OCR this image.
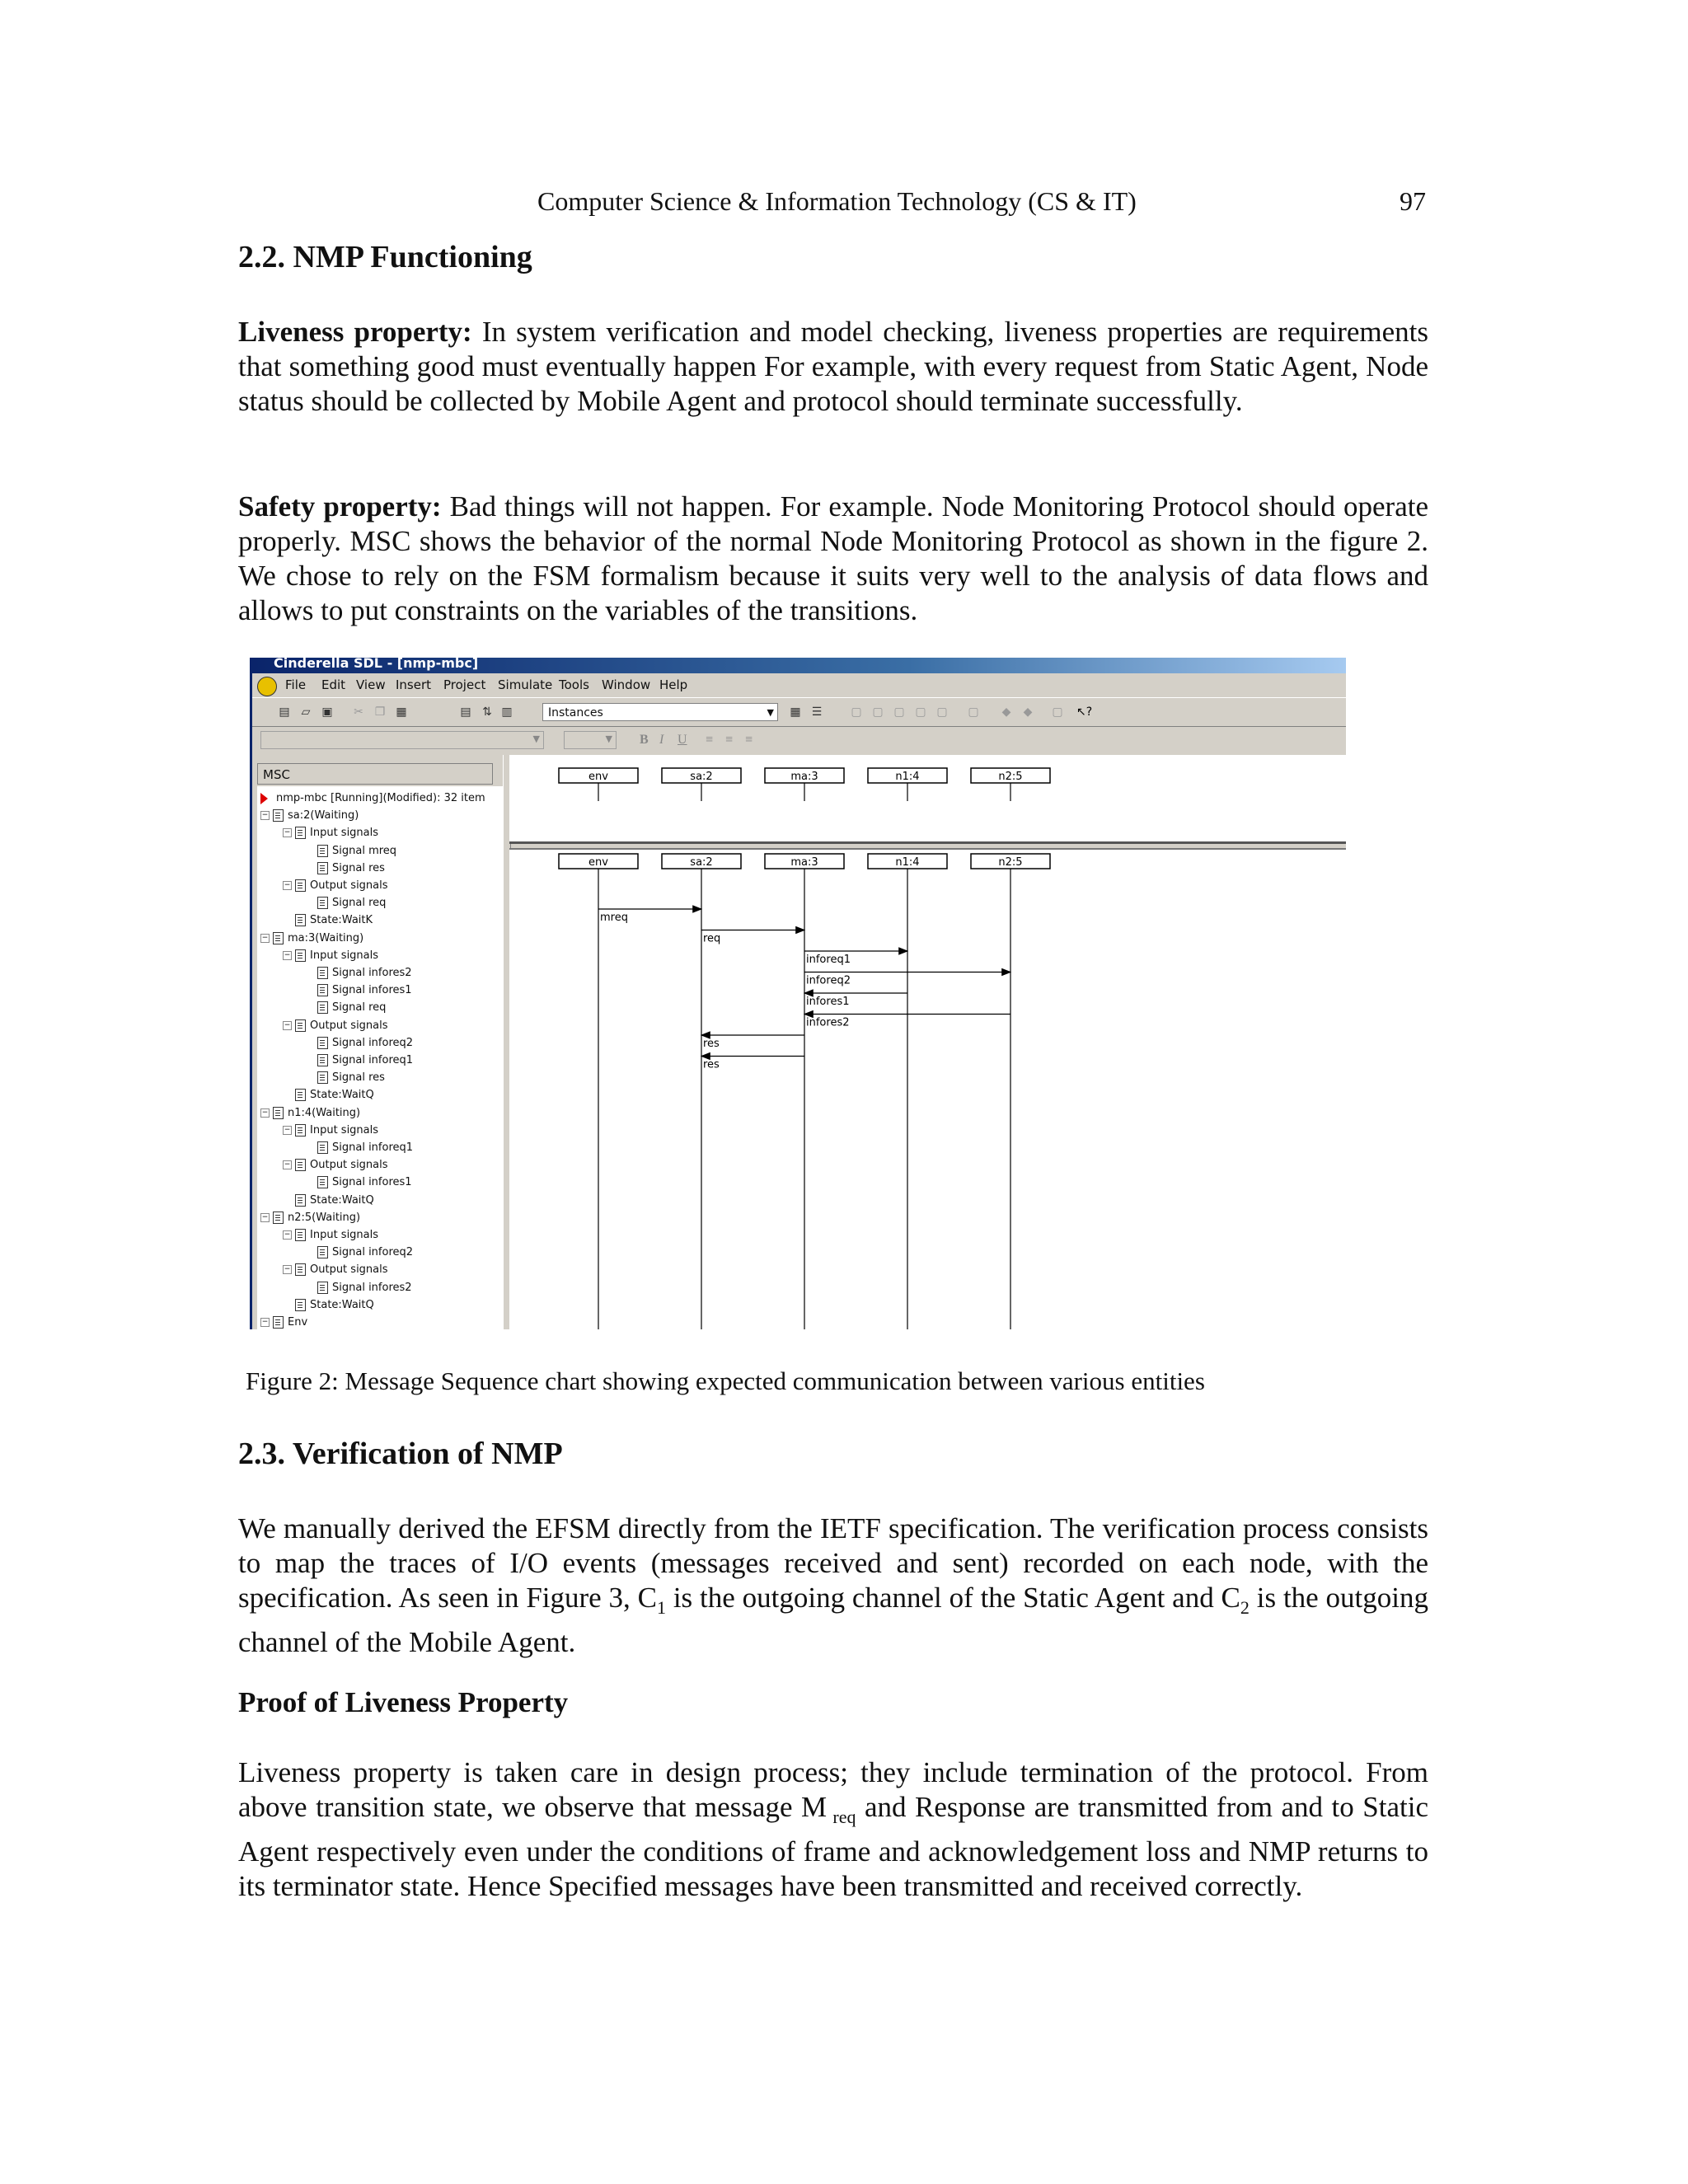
Computer Science & Information Technology (CS & IT)	97
2.2. NMP Functioning
Liveness property: In system verification and model checking, liveness properties are requirements that something good must eventually happen For example, with every request from Static Agent, Node status should be collected by Mobile Agent and protocol should terminate successfully.
Safety property: Bad things will not happen. For example. Node Monitoring Protocol should operate properly. MSC shows the behavior of the normal Node Monitoring Protocol as shown in the figure 2. We chose to rely on the FSM formalism because it suits very well to the analysis of data flows and allows to put constraints on the variables of the transitions.
Cinderella SDL - [nmp-mbc]
File Edit View Insert Project Simulate Tools Window Help
▤ ▱ ▣ ✂ ❐ ▦	▤ ⇅ ▥	Instances	▼ ▦ ☰	▢ ▢ ▢ ▢ ▢ ▢ ◆ ◆ ▢ ↖?
▼	▼ B I U ≡ ≡ ≡
MSC
nmp-mbc [Running](Modified): 32 item
− sa:2(Waiting)
− Input signals
Signal mreq
Signal res
− Output signals
Signal req
State:WaitK
− ma:3(Waiting)
− Input signals
Signal infores2
Signal infores1
Signal req
− Output signals
Signal inforeq2
Signal inforeq1
Signal res
State:WaitQ
− n1:4(Waiting)
− Input signals
Signal inforeq1
− Output signals
Signal infores1
State:WaitQ
− n2:5(Waiting)
− Input signals
Signal inforeq2
− Output signals
Signal infores2
State:WaitQ
− Env
env	sa:2	ma:3	n1:4	n2:5
env	sa:2	ma:3	n1:4	n2:5
mreq
req
inforeq1
inforeq2
infores1
infores2
res
res
Figure 2: Message Sequence chart showing expected communication between various entities
2.3. Verification of NMP
We manually derived the EFSM directly from the IETF specification. The verification process consists to map the traces of I/O events (messages received and sent) recorded on each node, with the specification. As seen in Figure 3, $C_1$ is the outgoing channel of the Static Agent and $C_2$ is the outgoing channel of the Mobile Agent.
Proof of Liveness Property
Liveness property is taken care in design process; they include termination of the protocol. From above transition state, we observe that message M $_{req}$ and Response are transmitted from and to Static Agent respectively even under the conditions of frame and acknowledgement loss and NMP returns to its terminator state. Hence Specified messages have been transmitted and received correctly.
